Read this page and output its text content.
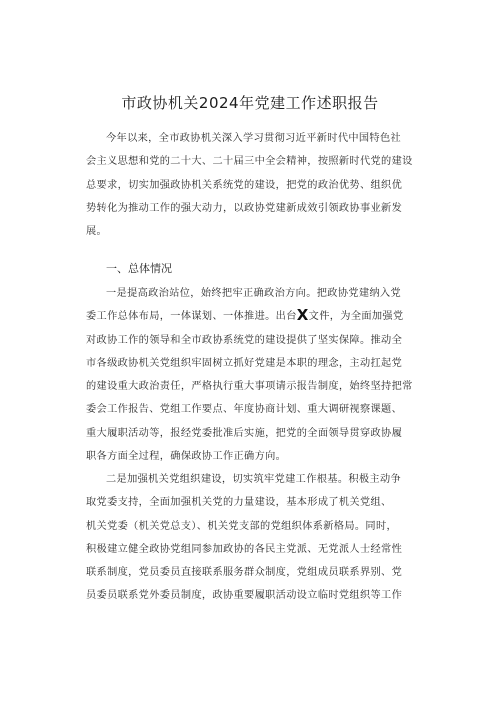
市政协机关2024年党建工作述职报告
今年以来，全市政协机关深入学习贯彻习近平新时代中国特色社
会主义思想和党的二十大、二十届三中全会精神，按照新时代党的建设
总要求，切实加强政协机关系统党的建设，把党的政治优势、组织优
势转化为推动工作的强大动力，以政协党建新成效引领政协事业新发
展。
一、总体情况
一是提高政治站位，始终把牢正确政治方向。把政协党建纳入党
委工作总体布局，一体谋划、一体推进。出台X文件，为全面加强党
对政协工作的领导和全市政协系统党的建设提供了坚实保障。推动全
市各级政协机关党组织牢固树立抓好党建是本职的理念，主动扛起党
的建设重大政治责任，严格执行重大事项请示报告制度，始终坚持把常
委会工作报告、党组工作要点、年度协商计划、重大调研视察课题、
重大履职活动等，报经党委批准后实施，把党的全面领导贯穿政协履
职各方面全过程，确保政协工作正确方向。
二是加强机关党组织建设，切实筑牢党建工作根基。积极主动争
取党委支持，全面加强机关党的力量建设，基本形成了机关党组、
机关党委（机关党总支）、机关党支部的党组织体系新格局。同时，
积极建立健全政协党组同参加政协的各民主党派、无党派人士经常性
联系制度，党员委员直接联系服务群众制度，党组成员联系界别、党
员委员联系党外委员制度，政协重要履职活动设立临时党组织等工作
